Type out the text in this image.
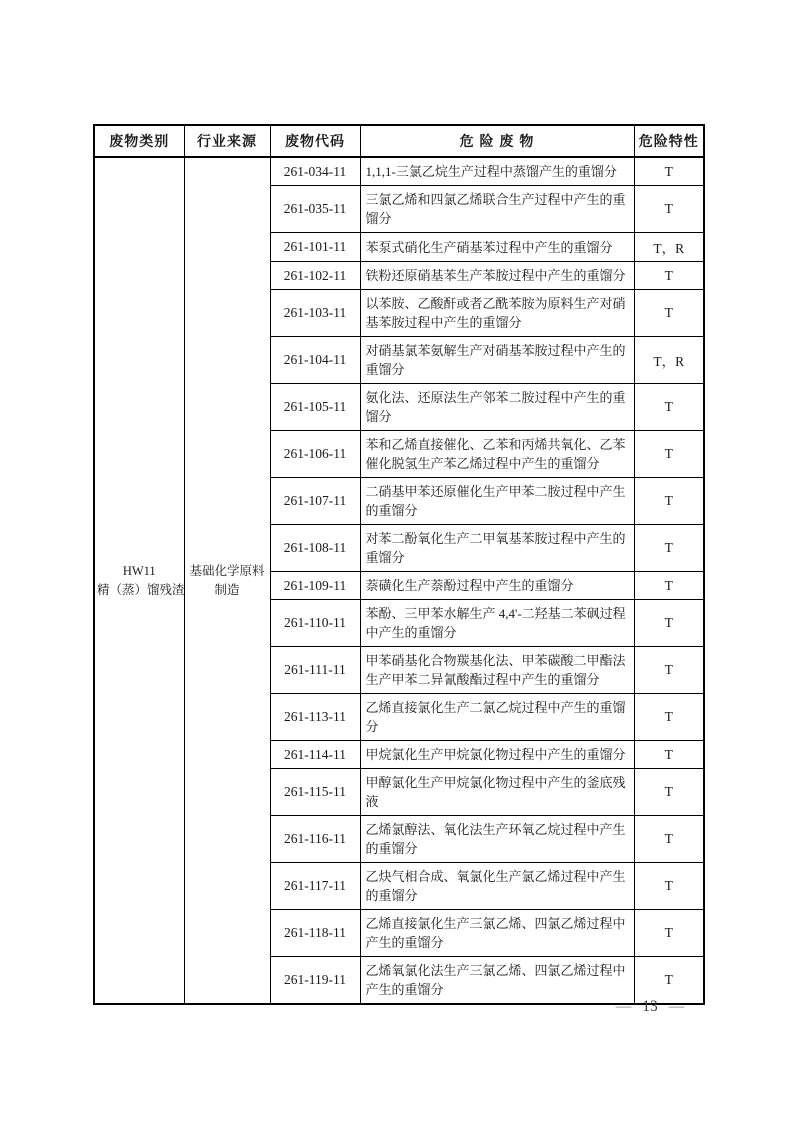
废物类别	行业来源	废物代码	危 险 废 物	危险特性

HW11
精（蒸）馏残渣	基础化学原料制造	261-034-11	1,1,1-三氯乙烷生产过程中蒸馏产生的重馏分	T
		261-035-11	三氯乙烯和四氯乙烯联合生产过程中产生的重馏分	T
		261-101-11	苯泵式硝化生产硝基苯过程中产生的重馏分	T，R
		261-102-11	铁粉还原硝基苯生产苯胺过程中产生的重馏分	T
		261-103-11	以苯胺、乙酸酐或者乙酰苯胺为原料生产对硝基苯胺过程中产生的重馏分	T
		261-104-11	对硝基氯苯氨解生产对硝基苯胺过程中产生的重馏分	T，R
		261-105-11	氨化法、还原法生产邻苯二胺过程中产生的重馏分	T
		261-106-11	苯和乙烯直接催化、乙苯和丙烯共氧化、乙苯催化脱氢生产苯乙烯过程中产生的重馏分	T
		261-107-11	二硝基甲苯还原催化生产甲苯二胺过程中产生的重馏分	T
		261-108-11	对苯二酚氧化生产二甲氧基苯胺过程中产生的重馏分	T
		261-109-11	萘磺化生产萘酚过程中产生的重馏分	T
		261-110-11	苯酚、三甲苯水解生产 4,4'-二羟基二苯砜过程中产生的重馏分	T
		261-111-11	甲苯硝基化合物羰基化法、甲苯碳酸二甲酯法生产甲苯二异氰酸酯过程中产生的重馏分	T
		261-113-11	乙烯直接氯化生产二氯乙烷过程中产生的重馏分	T
		261-114-11	甲烷氯化生产甲烷氯化物过程中产生的重馏分	T
		261-115-11	甲醇氯化生产甲烷氯化物过程中产生的釜底残液	T
		261-116-11	乙烯氯醇法、氧化法生产环氧乙烷过程中产生的重馏分	T
		261-117-11	乙炔气相合成、氧氯化生产氯乙烯过程中产生的重馏分	T
		261-118-11	乙烯直接氯化生产三氯乙烯、四氯乙烯过程中产生的重馏分	T
		261-119-11	乙烯氧氯化法生产三氯乙烯、四氯乙烯过程中产生的重馏分	T
— 13 —
